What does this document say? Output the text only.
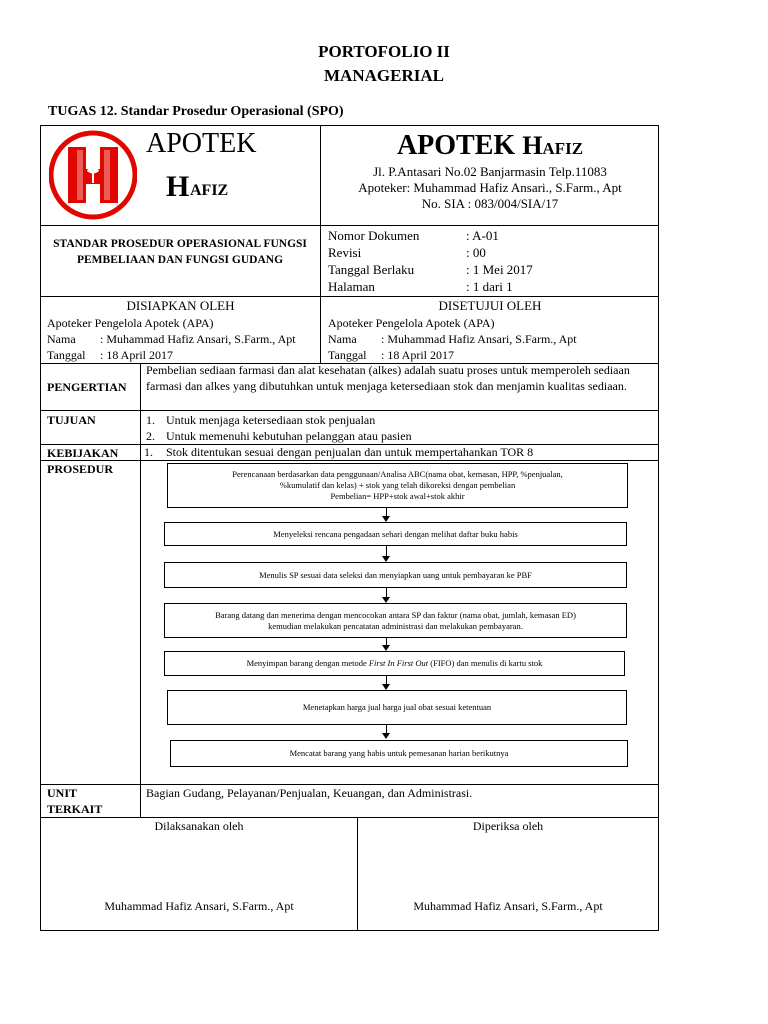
PORTOFOLIO II
MANAGERIAL
TUGAS 12. Standar Prosedur Operasional (SPO)
APOTEK
H AFIZ
APOTEK HAFIZ
Jl. P.Antasari No.02 Banjarmasin Telp.11083
Apoteker: Muhammad Hafiz Ansari., S.Farm., Apt
No. SIA : 083/004/SIA/17
STANDAR PROSEDUR OPERASIONAL FUNGSI PEMBELIAAN DAN FUNGSI GUDANG
Nomor Dokumen	: A-01
Revisi	: 00
Tanggal Berlaku	: 1 Mei 2017
Halaman	: 1 dari 1
DISIAPKAN OLEH
Apoteker Pengelola Apotek (APA)
Nama : Muhammad Hafiz Ansari, S.Farm., Apt
Tanggal : 18 April 2017
DISETUJUI OLEH
Apoteker Pengelola Apotek (APA)
Nama : Muhammad Hafiz Ansari, S.Farm., Apt
Tanggal : 18 April 2017
PENGERTIAN
Pembelian sediaan farmasi dan alat kesehatan (alkes) adalah suatu proses untuk memperoleh sediaan farmasi dan alkes yang dibutuhkan untuk menjaga ketersediaan stok dan menjamin kualitas sediaan.
TUJUAN	1. Untuk menjaga ketersediaan stok penjualan
2. Untuk memenuhi kebutuhan pelanggan atau pasien
KEBIJAKAN 1. Stok ditentukan sesuai dengan penjualan dan untuk mempertahankan TOR 8
PROSEDUR	Perencanaan berdasarkan data penggunaan/Analisa ABC(nama obat, kemasan, HPP, %penjualan,
%kumulatif dan kelas) + stok yang telah dikoreksi dengan pembelian
Pembelian= HPP+stok awal+stok akhir
Menyeleksi rencana pengadaan sehari dengan melihat daftar buku habis
Menulis SP sesuai data seleksi dan menyiapkan uang untuk pembayaran ke PBF
Barang datang dan menerima dengan mencocokan antara SP dan faktur (nama obat, jumlah, kemasan ED)
kemudian melakukan pencatatan administrasi dan melakukan pembayaran.
Menyimpan barang dengan metode First In First Out (FIFO) dan menulis di kartu stok
Menetapkan harga jual harga jual obat sesuai ketentuan
Mencatat barang yang habis untuk pemesanan harian berikutnya
UNIT
TERKAIT
Bagian Gudang, Pelayanan/Penjualan, Keuangan, dan Administrasi.
Dilaksanakan oleh
Muhammad Hafiz Ansari, S.Farm., Apt
Diperiksa oleh
Muhammad Hafiz Ansari, S.Farm., Apt
